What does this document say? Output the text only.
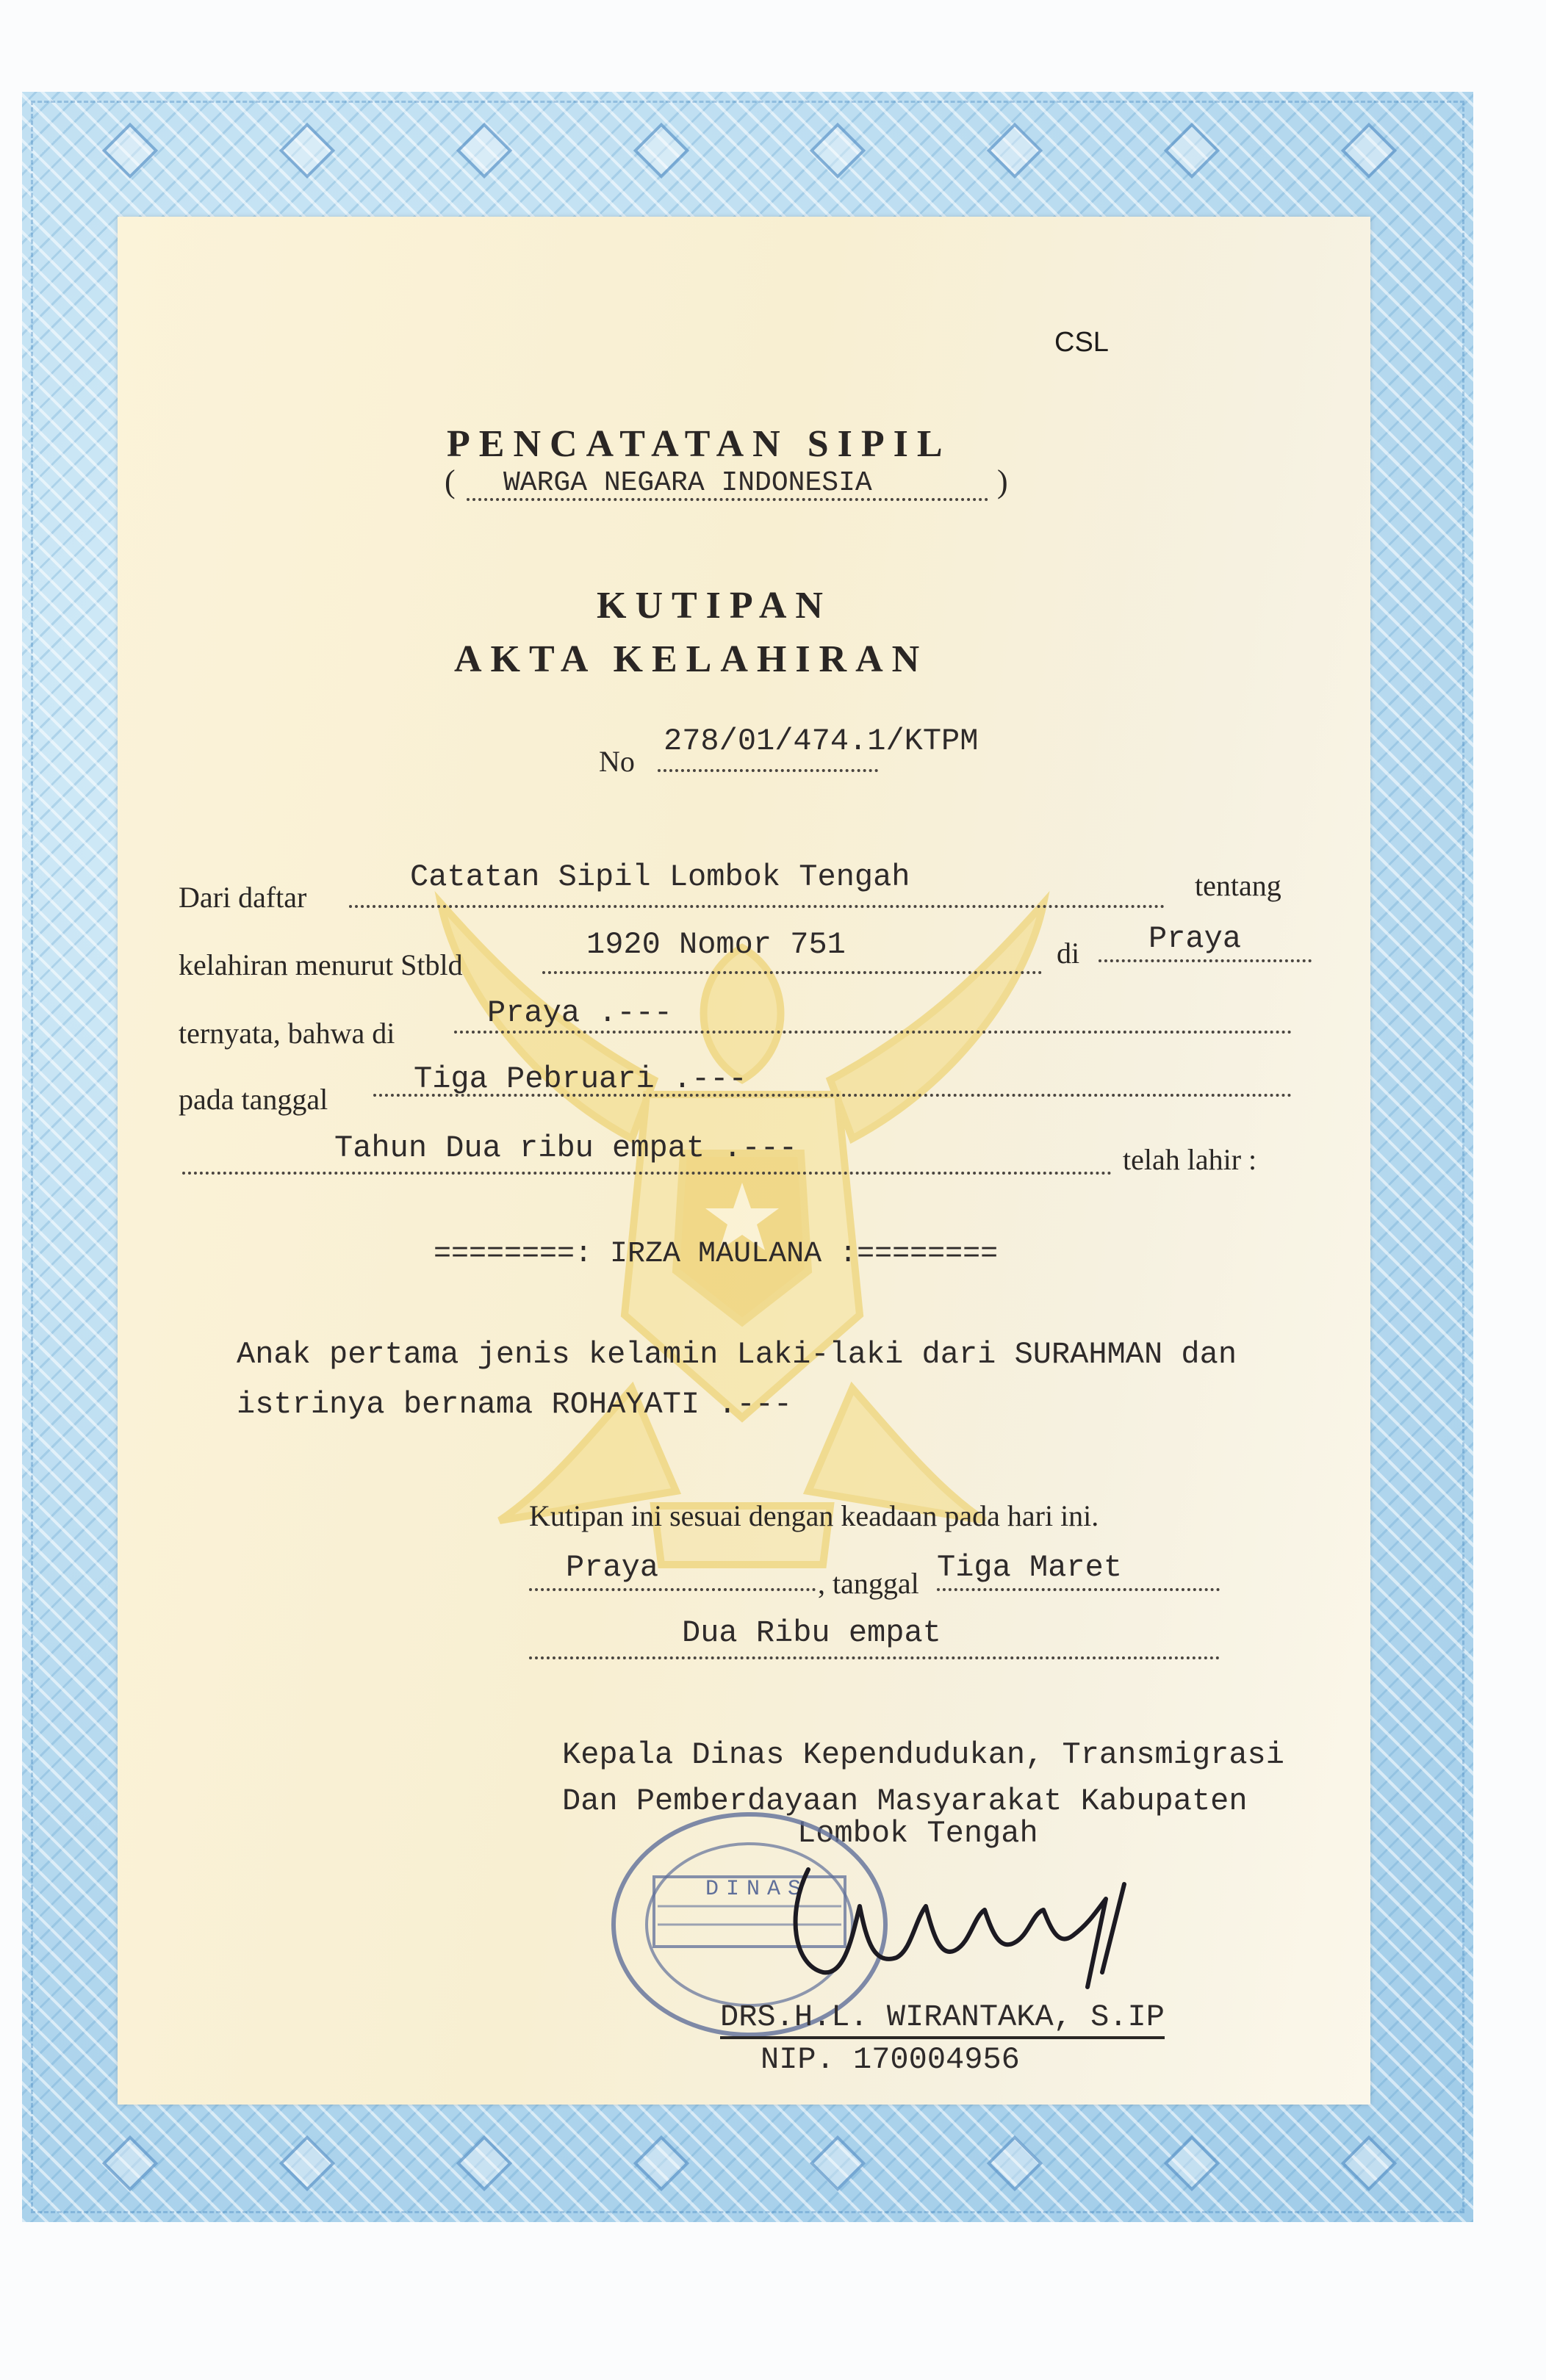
CSL
PENCATATAN SIPIL
( WARGA NEGARA INDONESIA	)
KUTIPAN
AKTA KELAHIRAN
No
278/01/474.1/KTPM
Dari daftar
Catatan Sipil Lombok Tengah	tentang
kelahiran menurut Stbld
1920 Nomor 751	di Praya
ternyata, bahwa di
Praya .---
pada tanggal
Tiga Pebruari .---
Tahun Dua ribu empat .---	telah lahir :
========: IRZA MAULANA :========
Anak pertama jenis kelamin Laki-laki dari SURAHMAN dan
istrinya bernama ROHAYATI .---
Kutipan ini sesuai dengan keadaan pada hari ini.
Praya	, tanggal Tiga Maret
Dua Ribu empat
Kepala Dinas Kependudukan, Transmigrasi
Dan Pemberdayaan Masyarakat Kabupaten
Lombok Tengah
DINAS
DRS.H.L. WIRANTAKA, S.IP
NIP. 170004956
